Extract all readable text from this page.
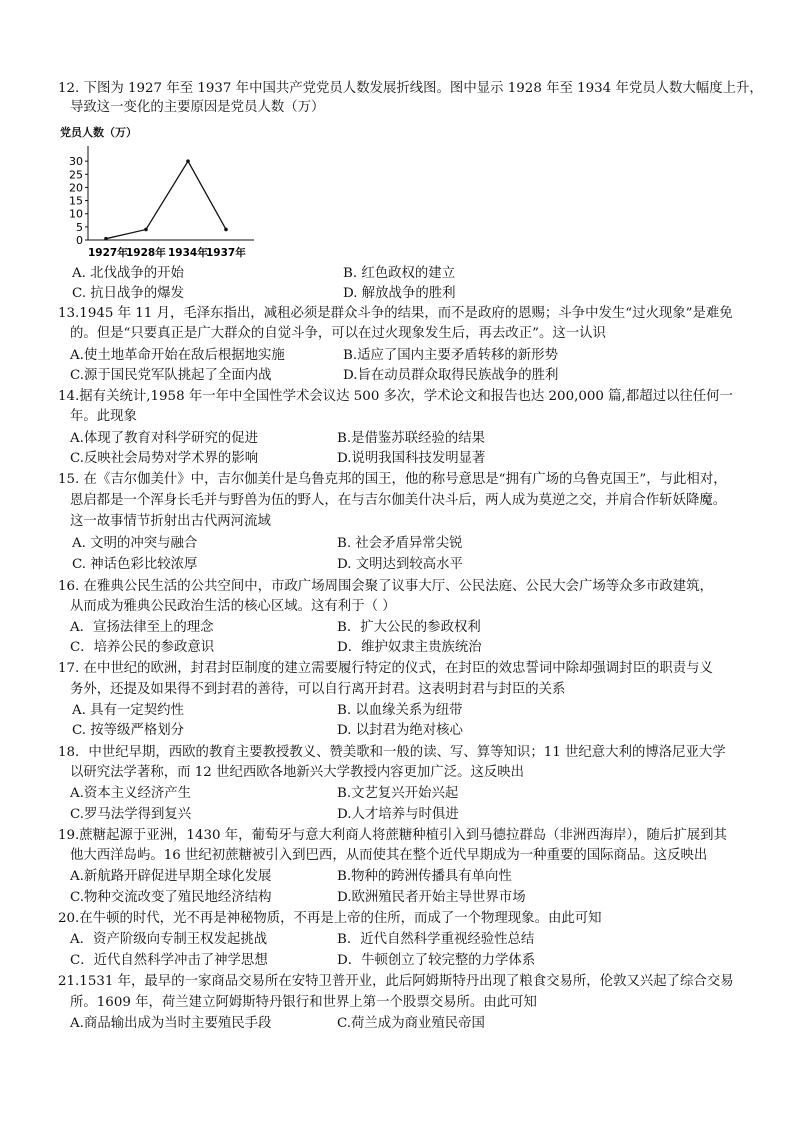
12. 下图为 1927 年至 1937 年中国共产党党员人数发展折线图。图中显示 1928 年至 1934 年党员人数大幅度上升，
导致这一变化的主要原因是党员人数（万）
党员人数（万）
0
5
10
15
20
25
30
1927年
1928年 1934年
1937年
A. 北伐战争的开始	B. 红色政权的建立
C. 抗日战争的爆发	D. 解放战争的胜利
13.1945 年 11 月，毛泽东指出，减租必须是群众斗争的结果，而不是政府的恩赐；斗争中发生“过火现象”是难免
的。但是“只要真正是广大群众的自觉斗争，可以在过火现象发生后，再去改正”。这一认识
A.使土地革命开始在敌后根据地实施	B.适应了国内主要矛盾转移的新形势
C.源于国民党军队挑起了全面内战	D.旨在动员群众取得民族战争的胜利
14.据有关统计,1958 年一年中全国性学术会议达 500 多次，学术论文和报告也达 200,000 篇,都超过以往任何一
年。此现象
A.体现了教育对科学研究的促进	B.是借鉴苏联经验的结果
C.反映社会局势对学术界的影响	D.说明我国科技发明显著
15. 在《吉尔伽美什》中，吉尔伽美什是乌鲁克邦的国王，他的称号意思是“拥有广场的乌鲁克国王”，与此相对，
恩启都是一个浑身长毛并与野兽为伍的野人，在与吉尔伽美什决斗后，两人成为莫逆之交，并肩合作斩妖降魔。
这一故事情节折射出古代两河流域
A. 文明的冲突与融合	B. 社会矛盾异常尖锐
C. 神话色彩比较浓厚	D. 文明达到较高水平
16. 在雅典公民生活的公共空间中，市政广场周围会聚了议事大厅、公民法庭、公民大会广场等众多市政建筑，
从而成为雅典公民政治生活的核心区域。这有利于（ ）
A．宣扬法律至上的理念	B．扩大公民的参政权利
C．培养公民的参政意识	D．维护奴隶主贵族统治
17. 在中世纪的欧洲，封君封臣制度的建立需要履行特定的仪式，在封臣的效忠誓词中除却强调封臣的职责与义
务外，还提及如果得不到封君的善待，可以自行离开封君。这表明封君与封臣的关系
A. 具有一定契约性	B. 以血缘关系为纽带
C. 按等级严格划分	D. 以封君为绝对核心
18．中世纪早期，西欧的教育主要教授教义、赞美歌和一般的读、写、算等知识；11 世纪意大利的博洛尼亚大学
以研究法学著称，而 12 世纪西欧各地新兴大学教授内容更加广泛。这反映出
A.资本主义经济产生	B.文艺复兴开始兴起
C.罗马法学得到复兴	D.人才培养与时俱进
19.蔗糖起源于亚洲，1430 年，葡萄牙与意大利商人将蔗糖种植引入到马德拉群岛（非洲西海岸），随后扩展到其
他大西洋岛屿。16 世纪初蔗糖被引入到巴西，从而使其在整个近代早期成为一种重要的国际商品。这反映出
A.新航路开辟促进早期全球化发展	B.物种的跨洲传播具有单向性
C.物种交流改变了殖民地经济结构	D.欧洲殖民者开始主导世界市场
20.在牛顿的时代，光不再是神秘物质，不再是上帝的住所，而成了一个物理现象。由此可知
A．资产阶级向专制王权发起挑战	B．近代自然科学重视经验性总结
C．近代自然科学冲击了神学思想	D．牛顿创立了较完整的力学体系
21.1531 年，最早的一家商品交易所在安特卫普开业，此后阿姆斯特丹出现了粮食交易所，伦敦又兴起了综合交易
所。1609 年，荷兰建立阿姆斯特丹银行和世界上第一个股票交易所。由此可知
A.商品输出成为当时主要殖民手段	C.荷兰成为商业殖民帝国
